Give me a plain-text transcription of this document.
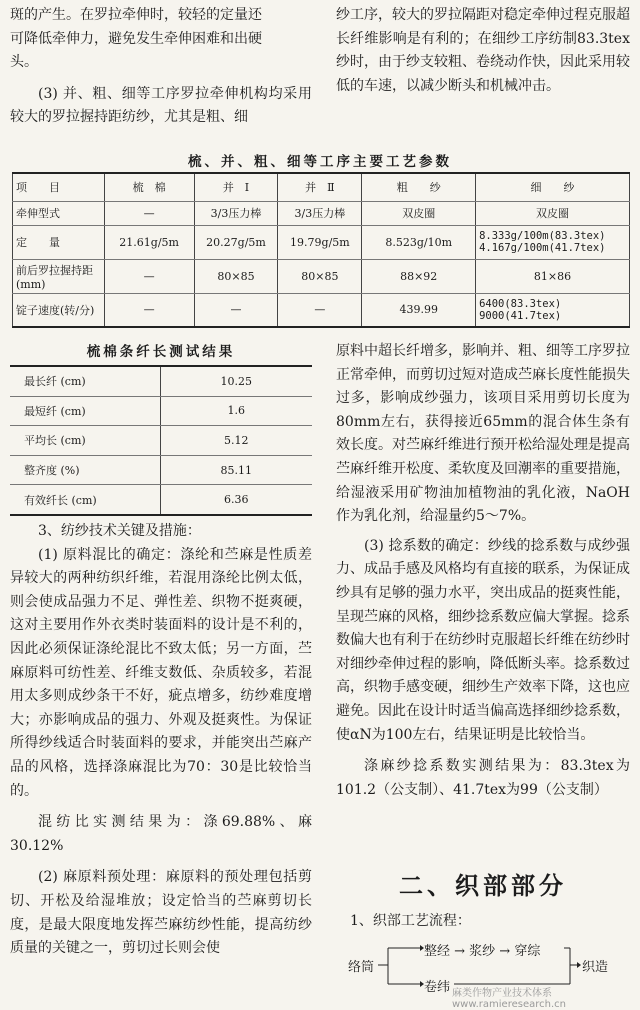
斑的产生。在罗拉牵伸时，较轻的定量还

可降低牵伸力，避免发生牵伸困难和出硬

头。

(3) 并、粗、细等工序罗拉牵伸机构均采用较大的罗拉握持距纺纱，尤其是粗、细

纱工序，较大的罗拉隔距对稳定牵伸过程克服超长纤维影响是有利的；在细纱工序纺制83.3tex纱时，由于纱支较粗、卷绕动作快，因此采用较低的车速，以减少断头和机械冲击。

梳、并、粗、细等工序主要工艺参数
项　　目	梳　棉	并　Ⅰ	并　Ⅱ	粗　　纱	细　　纱
牵伸型式	—	3/3压力棒	3/3压力棒	双皮圈	双皮圈
定　　量	21.61g/5m	20.27g/5m	19.79g/5m	8.523g/10m	8.333g/100m(83.3tex)
4.167g/100m(41.7tex)
前后罗拉握持距(mm)	—	80×85	80×85	88×92	81×86
锭子速度(转/分)	—	—	—	439.99	6400(83.3tex)
9000(41.7tex)
梳棉条纤长测试结果
最长纤 (cm)	10.25
最短纤 (cm)	1.6
平均长 (cm)	5.12
整齐度 (%)	85.11
有效纤长 (cm)	6.36

3、纺纱技术关键及措施：

(1) 原料混比的确定：涤纶和苎麻是性质差异较大的两种纺织纤维，若混用涤纶比例太低，则会使成品强力不足、弹性差、织物不挺爽硬，这对主要用作外衣类时装面料的设计是不利的，因此必须保证涤纶混比不致太低；另一方面，苎麻原料可纺性差、纤维支数低、杂质较多，若混用太多则成纱条干不好，疵点增多，纺纱难度增大；亦影响成品的强力、外观及挺爽性。为保证所得纱线适合时装面料的要求，并能突出苎麻产品的风格，选择涤麻混比为70：30是比较恰当的。

混纺比实测结果为：涤69.88%、麻30.12%

(2) 麻原料预处理：麻原料的预处理包括剪切、开松及给湿堆放；设定恰当的苎麻剪切长度，是最大限度地发挥苎麻纺纱性能，提高纺纱质量的关键之一，剪切过长则会使

原料中超长纤增多，影响并、粗、细等工序罗拉正常牵伸，而剪切过短对造成苎麻长度性能损失过多，影响成纱强力，该项目采用剪切长度为80mm左右，获得接近65mm的混合体生条有效长度。对苎麻纤维进行预开松给湿处理是提高苎麻纤维开松度、柔软度及回潮率的重要措施，给湿液采用矿物油加植物油的乳化液，NaOH作为乳化剂，给湿量约5～7%。

(3) 捻系数的确定：纱线的捻系数与成纱强力、成品手感及风格均有直接的联系，为保证成纱具有足够的强力水平，突出成品的挺爽性能，呈现苎麻的风格，细纱捻系数应偏大掌握。捻系数偏大也有利于在纺纱时克服超长纤维在纺纱时对细纱牵伸过程的影响，降低断头率。捻系数过高，织物手感变硬，细纱生产效率下降，这也应避免。因此在设计时适当偏高选择细纱捻系数，使αN为100左右，结果证明是比较恰当。

涤麻纱捻系数实测结果为：83.3tex为101.2（公支制）、41.7tex为99（公支制）

二、织部部分
1、织部工艺流程：
络筒
整经 → 浆纱 → 穿综
卷纬
织造
麻类作物产业技术体系 www.ramieresearch.cn
